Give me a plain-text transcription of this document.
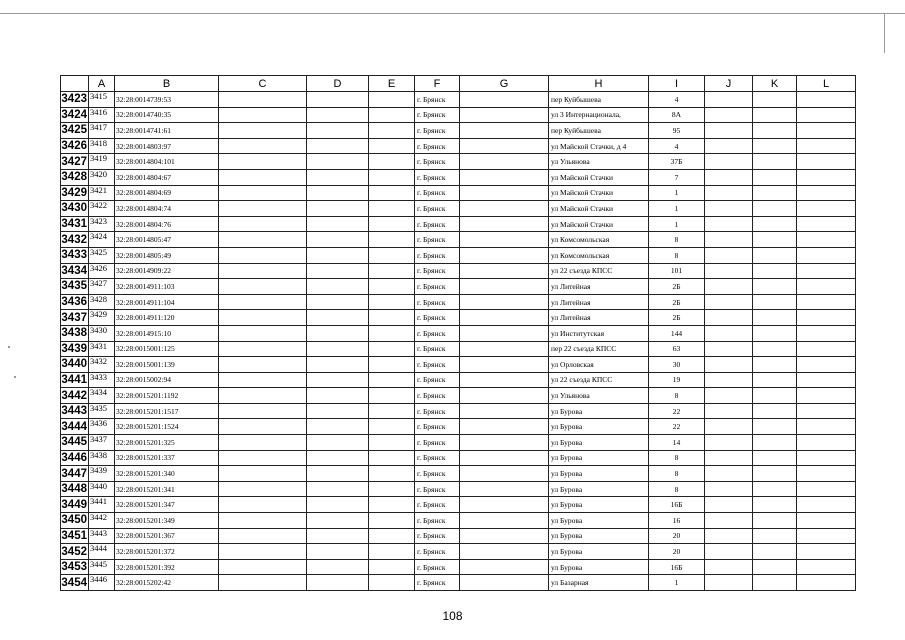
	A	B	C	D	E	F	G	H	I	J	K	L
3423	3415	32:28:0014739:53				г. Брянск		пер Куйбышева	4			
3424	3416	32:28:0014740:35				г. Брянск		ул 3 Интернационала,	8А			
3425	3417	32:28:0014741:61				г. Брянск		пер Куйбышева	95			
3426	3418	32:28:0014803:97				г. Брянск		ул Майской Стачки, д 4	4			
3427	3419	32:28:0014804:101				г. Брянск		ул Ульянова	37Б			
3428	3420	32:28:0014804:67				г. Брянск		ул Майской Стачки	7			
3429	3421	32:28:0014804:69				г. Брянск		ул Майской Стачки	1			
3430	3422	32:28:0014804:74				г. Брянск		ул Майской Стачки	1			
3431	3423	32:28:0014804:76				г. Брянск		ул Майской Стачки	1			
3432	3424	32:28:0014805:47				г. Брянск		ул Комсомольская	8			
3433	3425	32:28:0014805:49				г. Брянск		ул Комсомольская	8			
3434	3426	32:28:0014909:22				г. Брянск		ул 22 съезда КПСС	101			
3435	3427	32:28:0014911:103				г. Брянск		ул Литейная	2Б			
3436	3428	32:28:0014911:104				г. Брянск		ул Литейная	2Б			
3437	3429	32:28:0014911:120				г. Брянск		ул Литейная	2Б			
3438	3430	32:28:0014915:10				г. Брянск		ул Институтская	144			
3439	3431	32:28:0015001:125				г. Брянск		пер 22 съезда КПСС	63			
3440	3432	32:28:0015001:139				г. Брянск		ул Орловская	30			
3441	3433	32:28:0015002:94				г. Брянск		ул 22 съезда КПСС	19			
3442	3434	32:28:0015201:1192				г. Брянск		ул Ульянова	8			
3443	3435	32:28:0015201:1517				г. Брянск		ул Бурова	22			
3444	3436	32:28:0015201:1524				г. Брянск		ул Бурова	22			
3445	3437	32:28:0015201:325				г. Брянск		ул Бурова	14			
3446	3438	32:28:0015201:337				г. Брянск		ул Бурова	8			
3447	3439	32:28:0015201:340				г. Брянск		ул Бурова	8			
3448	3440	32:28:0015201:341				г. Брянск		ул Бурова	8			
3449	3441	32:28:0015201:347				г. Брянск		ул Бурова	16Б			
3450	3442	32:28:0015201:349				г. Брянск		ул Бурова	16			
3451	3443	32:28:0015201:367				г. Брянск		ул Бурова	20			
3452	3444	32:28:0015201:372				г. Брянск		ул Бурова	20			
3453	3445	32:28:0015201:392				г. Брянск		ул Бурова	16Б			
3454	3446	32:28:0015202:42				г. Брянск		ул Базарная	1			
108
